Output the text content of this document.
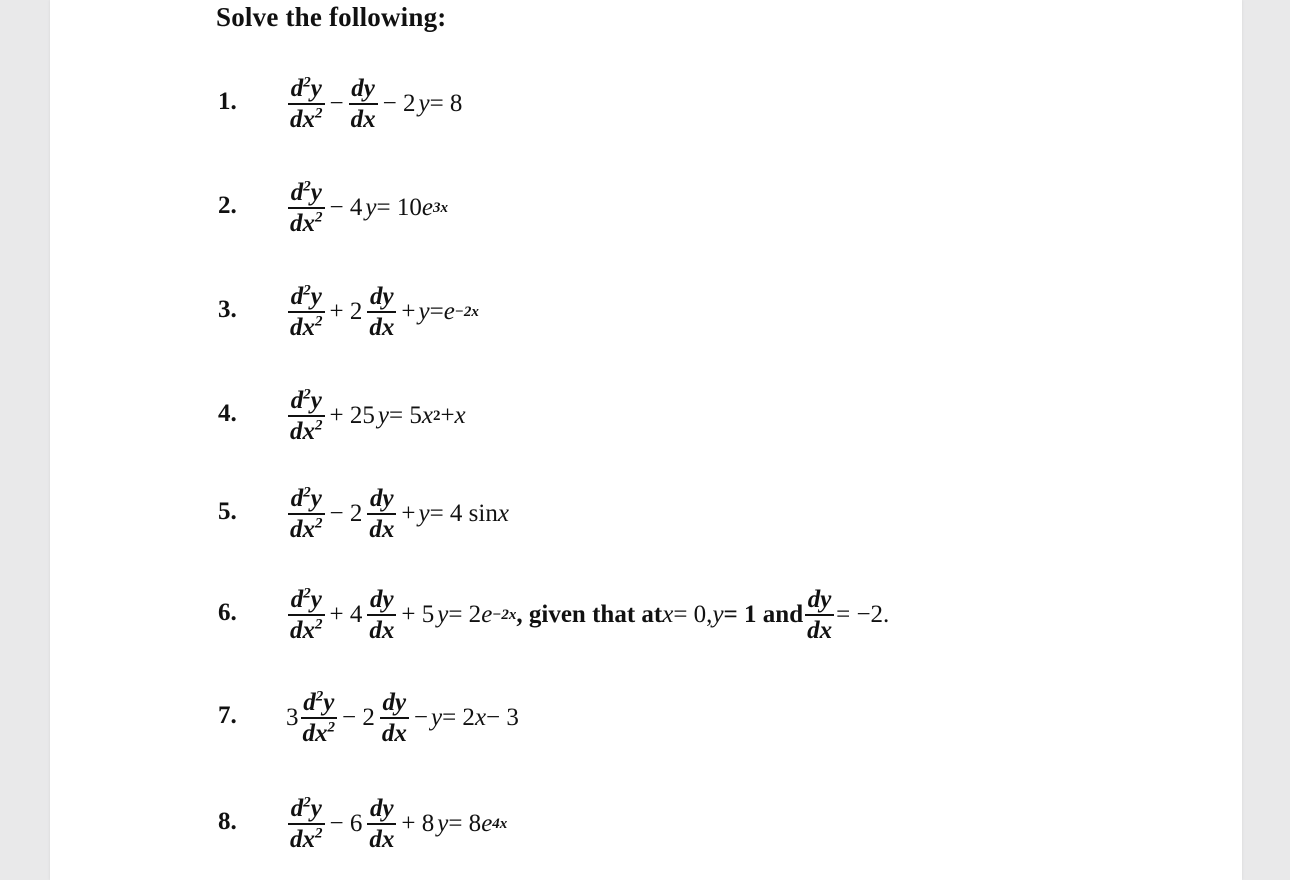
Solve the following:
1. $\frac{d^2y}{dx^2} - \frac{dy}{dx} - 2$ y = 8
2. $\frac{d^2y}{dx^2} - 4$ y = 10 e 3x
3. $\frac{d^2y}{dx^2} + 2 \frac{dy}{dx} + y = e -2x$
4. $\frac{d^2y}{dx^2} + 25$ y = 5 x 2 + x
5. $\frac{d^2y}{dx^2} - 2 \frac{dy}{dx} + y = 4$ sin x
6. $\frac{d^2y}{dx^2} + 4 \frac{dy}{dx} + 5$ y = 2 e −2x , given that at x = 0, y = 1 and $\frac{dy}{dx} = -2$.
7. $3 \frac{d^2y}{dx^2} - 2 \frac{dy}{dx} - y = 2$ x − 3
8. $\frac{d^2y}{dx^2} - 6 \frac{dy}{dx} + 8$ y = 8 e 4x
